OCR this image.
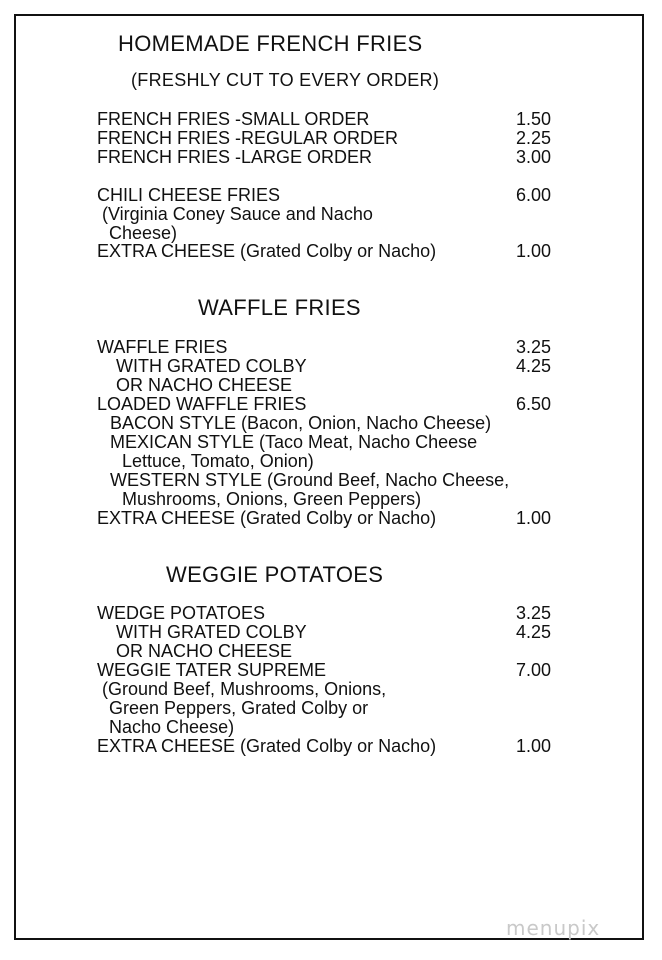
HOMEMADE FRENCH FRIES
(FRESHLY CUT TO EVERY ORDER)
FRENCH FRIES -SMALL ORDER	1.50
FRENCH FRIES -REGULAR ORDER	2.25
FRENCH FRIES -LARGE ORDER	3.00
CHILI CHEESE FRIES	6.00
(Virginia Coney Sauce and Nacho
Cheese)
EXTRA CHEESE (Grated Colby or Nacho)	1.00
WAFFLE FRIES
WAFFLE FRIES	3.25
WITH GRATED COLBY	4.25
OR NACHO CHEESE
LOADED WAFFLE FRIES	6.50
BACON STYLE (Bacon, Onion, Nacho Cheese)
MEXICAN STYLE (Taco Meat, Nacho Cheese
Lettuce, Tomato, Onion)
WESTERN STYLE (Ground Beef, Nacho Cheese,
Mushrooms, Onions, Green Peppers)
EXTRA CHEESE (Grated Colby or Nacho)	1.00
WEGGIE POTATOES
WEDGE POTATOES	3.25
WITH GRATED COLBY	4.25
OR NACHO CHEESE
WEGGIE TATER SUPREME	7.00
(Ground Beef, Mushrooms, Onions,
Green Peppers, Grated Colby or
Nacho Cheese)
EXTRA CHEESE (Grated Colby or Nacho)	1.00
menupix
